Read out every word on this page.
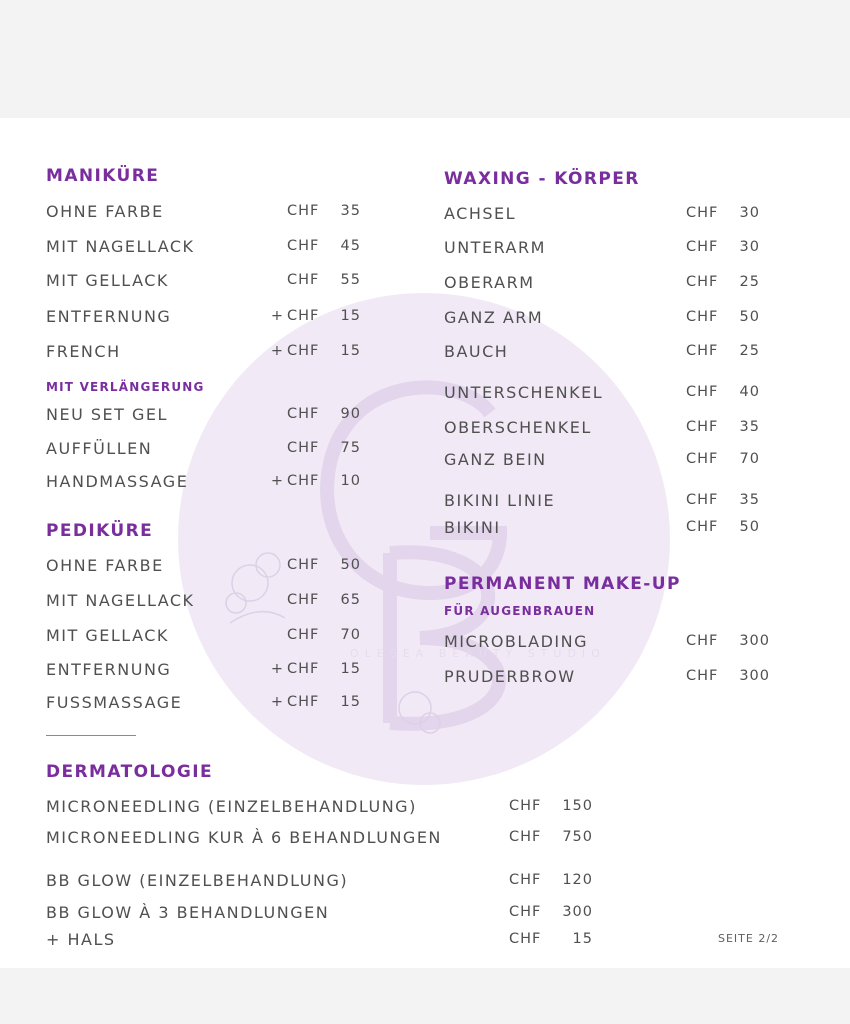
OLESEA BEAUTY STUDIO
MANIKÜRE
OHNE FARBE	CHF 35
MIT NAGELLACK	CHF 45
MIT GELLACK	CHF 55
ENTFERNUNG	+ CHF 15
FRENCH	+ CHF 15
MIT VERLÄNGERUNG
NEU SET GEL	CHF 90
AUFFÜLLEN	CHF 75
HANDMASSAGE	+ CHF 10
PEDIKÜRE
OHNE FARBE	CHF 50
MIT NAGELLACK	CHF 65
MIT GELLACK	CHF 70
ENTFERNUNG	+ CHF 15
FUSSMASSAGE	+ CHF 15
WAXING - KÖRPER
ACHSEL	CHF 30
UNTERARM	CHF 30
OBERARM	CHF 25
GANZ ARM	CHF 50
BAUCH	CHF 25
UNTERSCHENKEL	CHF 40
OBERSCHENKEL	CHF 35
GANZ BEIN	CHF 70
BIKINI LINIE	CHF 35
BIKINI	CHF 50
PERMANENT MAKE-UP
FÜR AUGENBRAUEN
MICROBLADING	CHF 300
PRUDERBROW	CHF 300
DERMATOLOGIE
MICRONEEDLING (EINZELBEHANDLUNG)	CHF 150
MICRONEEDLING KUR À 6 BEHANDLUNGEN	CHF 750
BB GLOW (EINZELBEHANDLUNG)	CHF 120
BB GLOW À 3 BEHANDLUNGEN	CHF 300
+ HALS	CHF 15	SEITE 2/2
